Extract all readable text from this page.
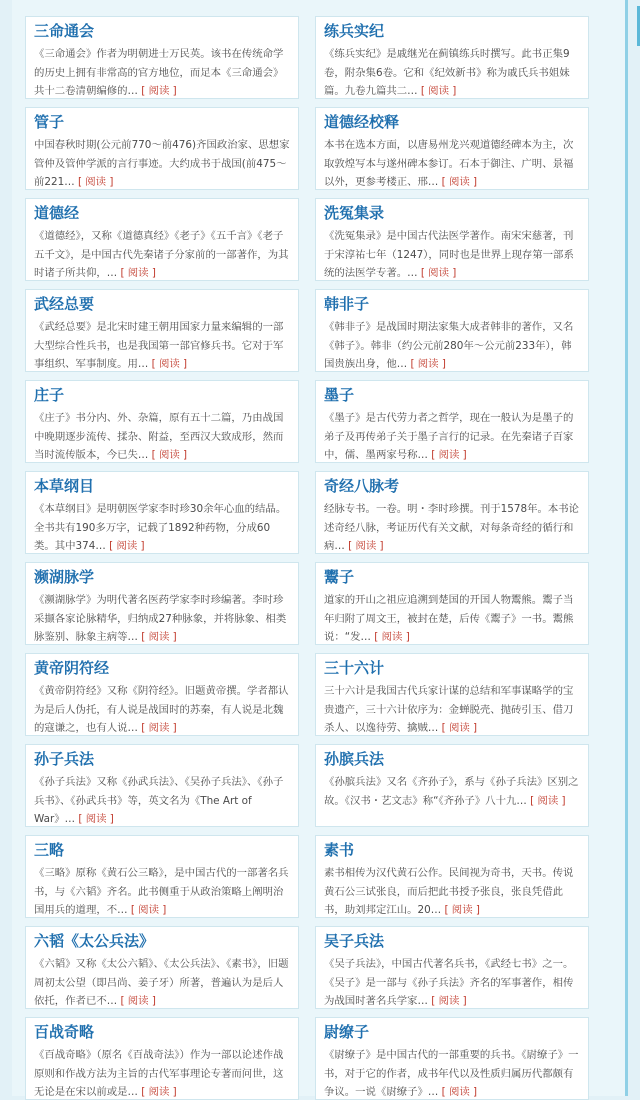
三命通会
《三命通会》作者为明朝进士万民英。该书在传统命学的历史上拥有非常高的官方地位，而足本《三命通会》共十二卷清朝编修的… [ 阅读 ]
练兵实纪
《练兵实纪》是戚继光在蓟镇练兵时撰写。此书正集9卷，附杂集6卷。它和《纪效新书》称为戚氏兵书姐妹篇。九卷九篇共二… [ 阅读 ]
管子
中国春秋时期(公元前770～前476)齐国政治家、思想家管仲及管仲学派的言行事迹。大约成书于战国(前475～前221… [ 阅读 ]
道德经校释
本书在选本方面，以唐易州龙兴观道德经碑本为主，次取敦煌写本与遂州碑本参订。石本于御注、广明、景福以外，更参考楼正、邢… [ 阅读 ]
道德经
《道德经》，又称《道德真经》《老子》《五千言》《老子五千文》，是中国古代先秦诸子分家前的一部著作，为其时诸子所共仰，… [ 阅读 ]
洗冤集录
《洗冤集录》是中国古代法医学著作。南宋宋慈著，刊于宋淳祐七年（1247），同时也是世界上现存第一部系统的法医学专著。… [ 阅读 ]
武经总要
《武经总要》是北宋时建王朝用国家力量来编辑的一部大型综合性兵书，也是我国第一部官修兵书。它对于军事组织、军事制度。用… [ 阅读 ]
韩非子
《韩非子》是战国时期法家集大成者韩非的著作，又名《韩子》。韩非（约公元前280年～公元前233年），韩国贵族出身，他… [ 阅读 ]
庄子
《庄子》书分内、外、杂篇，原有五十二篇，乃由战国中晚期逐步流传、揉杂、附益，至西汉大致成形，然而当时流传版本，今已失… [ 阅读 ]
墨子
《墨子》是古代劳力者之哲学，现在一般认为是墨子的弟子及再传弟子关于墨子言行的记录。在先秦诸子百家中，儒、墨两家号称… [ 阅读 ]
本草纲目
《本草纲目》是明朝医学家李时珍30余年心血的结晶。全书共有190多万字，记载了1892种药物，分成60类。其中374… [ 阅读 ]
奇经八脉考
经脉专书。一卷。明・李时珍撰。刊于1578年。本书论述奇经八脉，考证历代有关文献，对每条奇经的循行和病… [ 阅读 ]
濒湖脉学
《濒湖脉学》为明代著名医药学家李时珍编著。李时珍采撷各家论脉精华，归纳成27种脉象，并将脉象、相类脉鉴别、脉象主病等… [ 阅读 ]
鬻子
道家的开山之祖应追溯到楚国的开国人物鬻熊。鬻子当年归附了周文王，被封在楚，后传《鬻子》一书。鬻熊说：“发… [ 阅读 ]
黄帝阴符经
《黄帝阴符经》又称《阴符经》。旧题黄帝撰。学者都认为是后人伪托，有人说是战国时的苏秦，有人说是北魏的寇谦之，也有人说… [ 阅读 ]
三十六计
三十六计是我国古代兵家计谋的总结和军事谋略学的宝贵遗产，三十六计依序为：金蝉脱壳、抛砖引玉、借刀杀人、以逸待劳、擒贼… [ 阅读 ]
孙子兵法
《孙子兵法》又称《孙武兵法》、《吴孙子兵法》、《孙子兵书》、《孙武兵书》等，英文名为《The Art of War》… [ 阅读 ]
孙膑兵法
《孙膑兵法》又名《齐孙子》，系与《孙子兵法》区别之故。《汉书・艺文志》称“《齐孙子》八十九… [ 阅读 ]
三略
《三略》原称《黄石公三略》，是中国古代的一部著名兵书，与《六韬》齐名。此书侧重于从政治策略上阐明治国用兵的道理，不… [ 阅读 ]
素书
素书相传为汉代黄石公作。民间视为奇书，天书。传说黄石公三试张良，而后把此书授予张良，张良凭借此书，助刘邦定江山。20… [ 阅读 ]
六韬《太公兵法》
《六韬》又称《太公六韬》、《太公兵法》、《素书》，旧题周初太公望（即吕尚、姜子牙）所著，普遍认为是后人依托，作者已不… [ 阅读 ]
吴子兵法
《吴子兵法》，中国古代著名兵书，《武经七书》之一。《吴子》是一部与《孙子兵法》齐名的军事著作，相传为战国时著名兵学家… [ 阅读 ]
百战奇略
《百战奇略》（原名《百战奇法》）作为一部以论述作战原则和作战方法为主旨的古代军事理论专著而问世，这无论是在宋以前或是… [ 阅读 ]
尉缭子
《尉缭子》是中国古代的一部重要的兵书。《尉缭子》一书，对于它的作者，成书年代以及性质归属历代都颇有争议。一说《尉缭子》… [ 阅读 ]
